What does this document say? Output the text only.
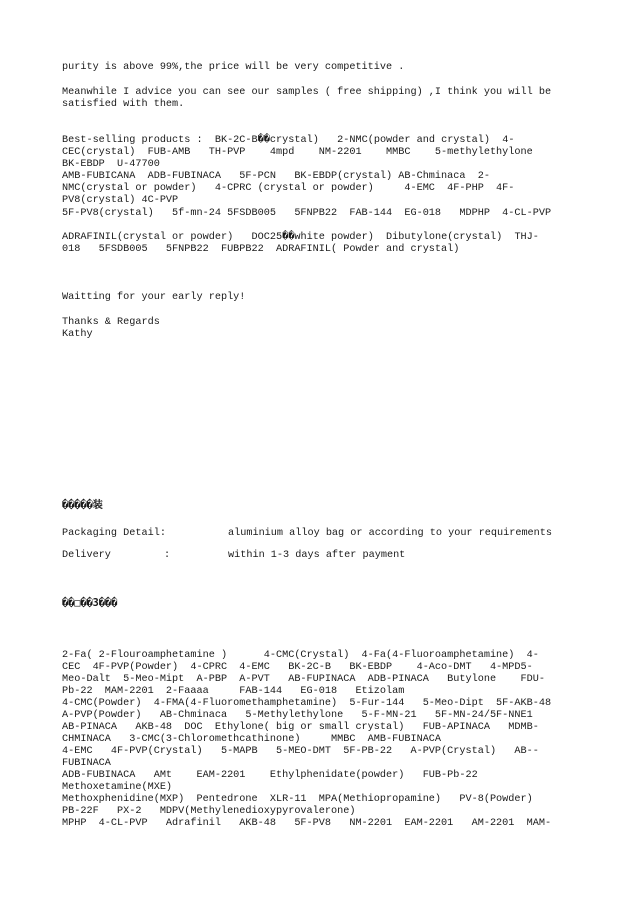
purity is above 99%,the price will be very competitive .
Meanwhile I advice you can see our samples ( free shipping) ,I think you will be
satisfied with them.
Best-selling products :  BK-2C-B��crystal)   2-NMC(powder and crystal)  4-
CEC(crystal)  FUB-AMB   TH-PVP    4mpd    NM-2201    MMBC    5-methylethylone
BK-EBDP  U-47700
AMB-FUBICANA  ADB-FUBINACA   5F-PCN   BK-EBDP(crystal) AB-Chminaca  2-
NMC(crystal or powder)   4-CPRC (crystal or powder)     4-EMC  4F-PHP  4F-
PV8(crystal) 4C-PVP
5F-PV8(crystal)   5f-mn-24 5FSDB005   5FNPB22  FAB-144  EG-018   MDPHP  4-CL-PVP
ADRAFINIL(crystal or powder)   DOC25��white powder)  Dibutylone(crystal)  THJ-
018   5FSDB005   5FNPB22  FUBPB22  ADRAFINIL( Powder and crystal)
Waitting for your early reply!
Thanks & Regards
Kathy
�����装
Packaging Detail:	aluminium alloy bag or according to your requirements
Delivery	:	within 1-3 days after payment
��□��3���
2-Fa( 2-Flouroamphetamine )      4-CMC(Crystal)  4-Fa(4-Fluoroamphetamine)  4-
CEC  4F-PVP(Powder)  4-CPRC  4-EMC   BK-2C-B   BK-EBDP    4-Aco-DMT   4-MPD5-
Meo-Dalt  5-Meo-Mipt  A-PBP  A-PVT   AB-FUPINACA  ADB-PINACA   Butylone    FDU-
Pb-22  MAM-2201  2-Faaaa     FAB-144   EG-018   Etizolam
4-CMC(Powder)  4-FMA(4-Fluoromethamphetamine)  5-Fur-144   5-Meo-Dipt  5F-AKB-48
A-PVP(Powder)   AB-Chminaca   5-Methylethylone   5-F-MN-21   5F-MN-24/5F-NNE1
AB-PINACA   AKB-48  DOC  Ethylone( big or small crystal)   FUB-APINACA   MDMB-
CHMINACA   3-CMC(3-Chloromethcathinone)     MMBC  AMB-FUBINACA
4-EMC   4F-PVP(Crystal)   5-MAPB   5-MEO-DMT  5F-PB-22   A-PVP(Crystal)   AB--
FUBINACA
ADB-FUBINACA   AMt    EAM-2201    Ethylphenidate(powder)   FUB-Pb-22
Methoxetamine(MXE)
Methoxphenidine(MXP)  Pentedrone  XLR-11  MPA(Methiopropamine)   PV-8(Powder)
PB-22F   PX-2   MDPV(Methylenedioxypyrovalerone)
MPHP  4-CL-PVP   Adrafinil   AKB-48   5F-PV8   NM-2201  EAM-2201   AM-2201  MAM-
